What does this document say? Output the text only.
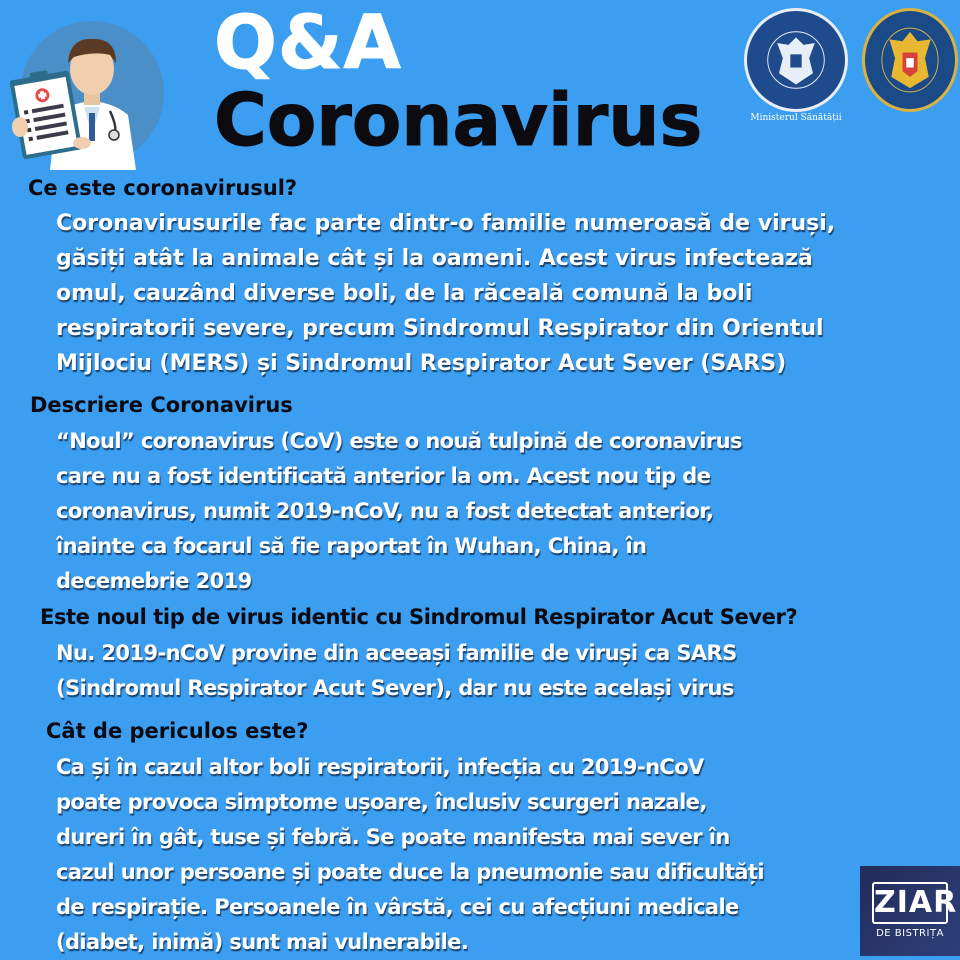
Q&A
Coronavirus	Ministerul Sănătății
Ce este coronavirusul?
Coronavirusurile fac parte dintr-o familie numeroasă de viruși,
găsiți atât la animale cât și la oameni. Acest virus infectează
omul, cauzând diverse boli, de la răceală comună la boli
respiratorii severe, precum Sindromul Respirator din Orientul
Mijlociu (MERS) și Sindromul Respirator Acut Sever (SARS)
Descriere Coronavirus
“Noul” coronavirus (CoV) este o nouă tulpină de coronavirus
care nu a fost identificată anterior la om. Acest nou tip de
coronavirus, numit 2019-nCoV, nu a fost detectat anterior,
înainte ca focarul să fie raportat în Wuhan, China, în
decemebrie 2019
Este noul tip de virus identic cu Sindromul Respirator Acut Sever?
Nu. 2019-nCoV provine din aceeași familie de viruși ca SARS
(Sindromul Respirator Acut Sever), dar nu este același virus
Cât de periculos este?
Ca și în cazul altor boli respiratorii, infecția cu 2019-nCoV
poate provoca simptome ușoare, înclusiv scurgeri nazale,
dureri în gât, tuse și febră. Se poate manifesta mai sever în
cazul unor persoane și poate duce la pneumonie sau dificultăți
de respirație. Persoanele în vârstă, cei cu afecțiuni medicale
(diabet, inimă) sunt mai vulnerabile.
ZIAR
DE BISTRIȚA
